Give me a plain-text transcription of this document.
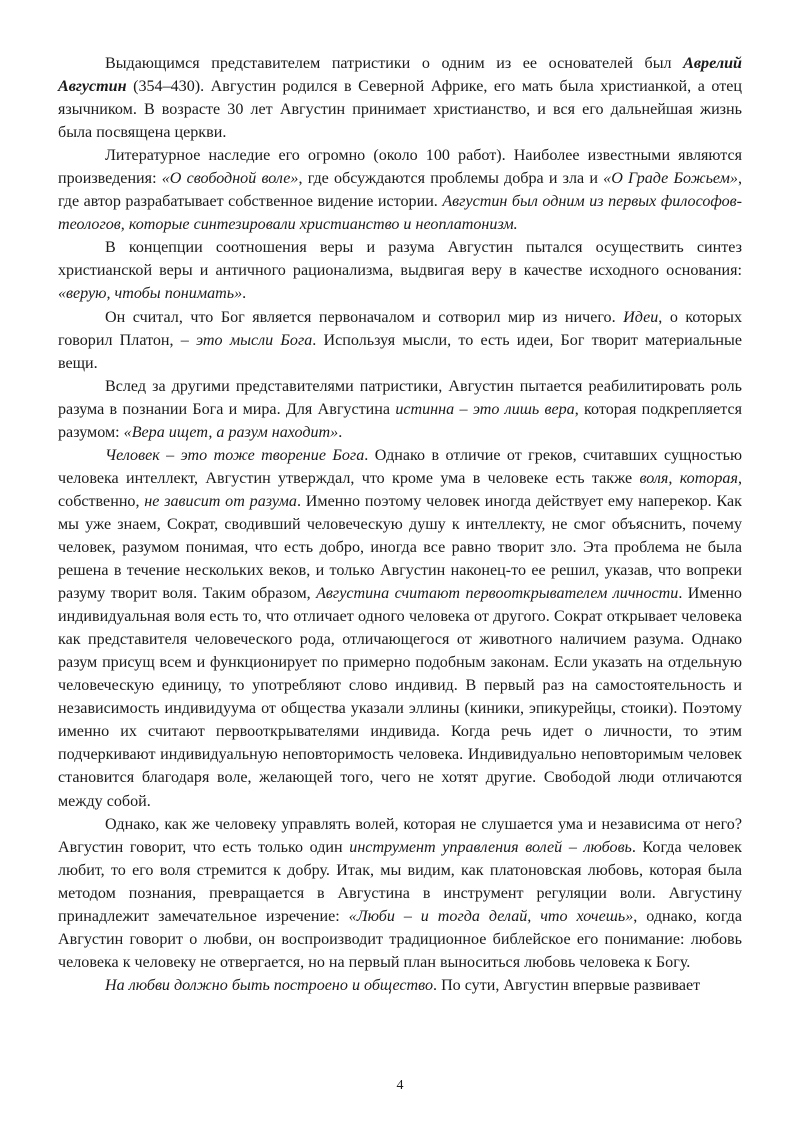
Выдающимся представителем патристики о одним из ее основателей был Аврелий Августин (354–430). Августин родился в Северной Африке, его мать была христианкой, а отец язычником. В возрасте 30 лет Августин принимает христианство, и вся его дальнейшая жизнь была посвящена церкви.

Литературное наследие его огромно (около 100 работ). Наиболее известными являются произведения: «О свободной воле», где обсуждаются проблемы добра и зла и «О Граде Божьем», где автор разрабатывает собственное видение истории. Августин был одним из первых философов-теологов, которые синтезировали христианство и неоплатонизм.

В концепции соотношения веры и разума Августин пытался осуществить синтез христианской веры и античного рационализма, выдвигая веру в качестве исходного основания: «верую, чтобы понимать».

Он считал, что Бог является первоначалом и сотворил мир из ничего. Идеи, о которых говорил Платон, – это мысли Бога. Используя мысли, то есть идеи, Бог творит материальные вещи.

Вслед за другими представителями патристики, Августин пытается реабилитировать роль разума в познании Бога и мира. Для Августина истинна – это лишь вера, которая подкрепляется разумом: «Вера ищет, а разум находит».

Человек – это тоже творение Бога. Однако в отличие от греков, считавших сущностью человека интеллект, Августин утверждал, что кроме ума в человеке есть также воля, которая, собственно, не зависит от разума. Именно поэтому человек иногда действует ему наперекор. Как мы уже знаем, Сократ, сводивший человеческую душу к интеллекту, не смог объяснить, почему человек, разумом понимая, что есть добро, иногда все равно творит зло. Эта проблема не была решена в течение нескольких веков, и только Августин наконец-то ее решил, указав, что вопреки разуму творит воля. Таким образом, Августина считают первооткрывателем личности. Именно индивидуальная воля есть то, что отличает одного человека от другого. Сократ открывает человека как представителя человеческого рода, отличающегося от животного наличием разума. Однако разум присущ всем и функционирует по примерно подобным законам. Если указать на отдельную человеческую единицу, то употребляют слово индивид. В первый раз на самостоятельность и независимость индивидуума от общества указали эллины (киники, эпикурейцы, стоики). Поэтому именно их считают первооткрывателями индивида. Когда речь идет о личности, то этим подчеркивают индивидуальную неповторимость человека. Индивидуально неповторимым человек становится благодаря воле, желающей того, чего не хотят другие. Свободой люди отличаются между собой.

Однако, как же человеку управлять волей, которая не слушается ума и независима от него? Августин говорит, что есть только один инструмент управления волей – любовь. Когда человек любит, то его воля стремится к добру. Итак, мы видим, как платоновская любовь, которая была методом познания, превращается в Августина в инструмент регуляции воли. Августину принадлежит замечательное изречение: «Люби – и тогда делай, что хочешь», однако, когда Августин говорит о любви, он воспроизводит традиционное библейское его понимание: любовь человека к человеку не отвергается, но на первый план выноситься любовь человека к Богу.

На любви должно быть построено и общество. По сути, Августин впервые развивает

4
